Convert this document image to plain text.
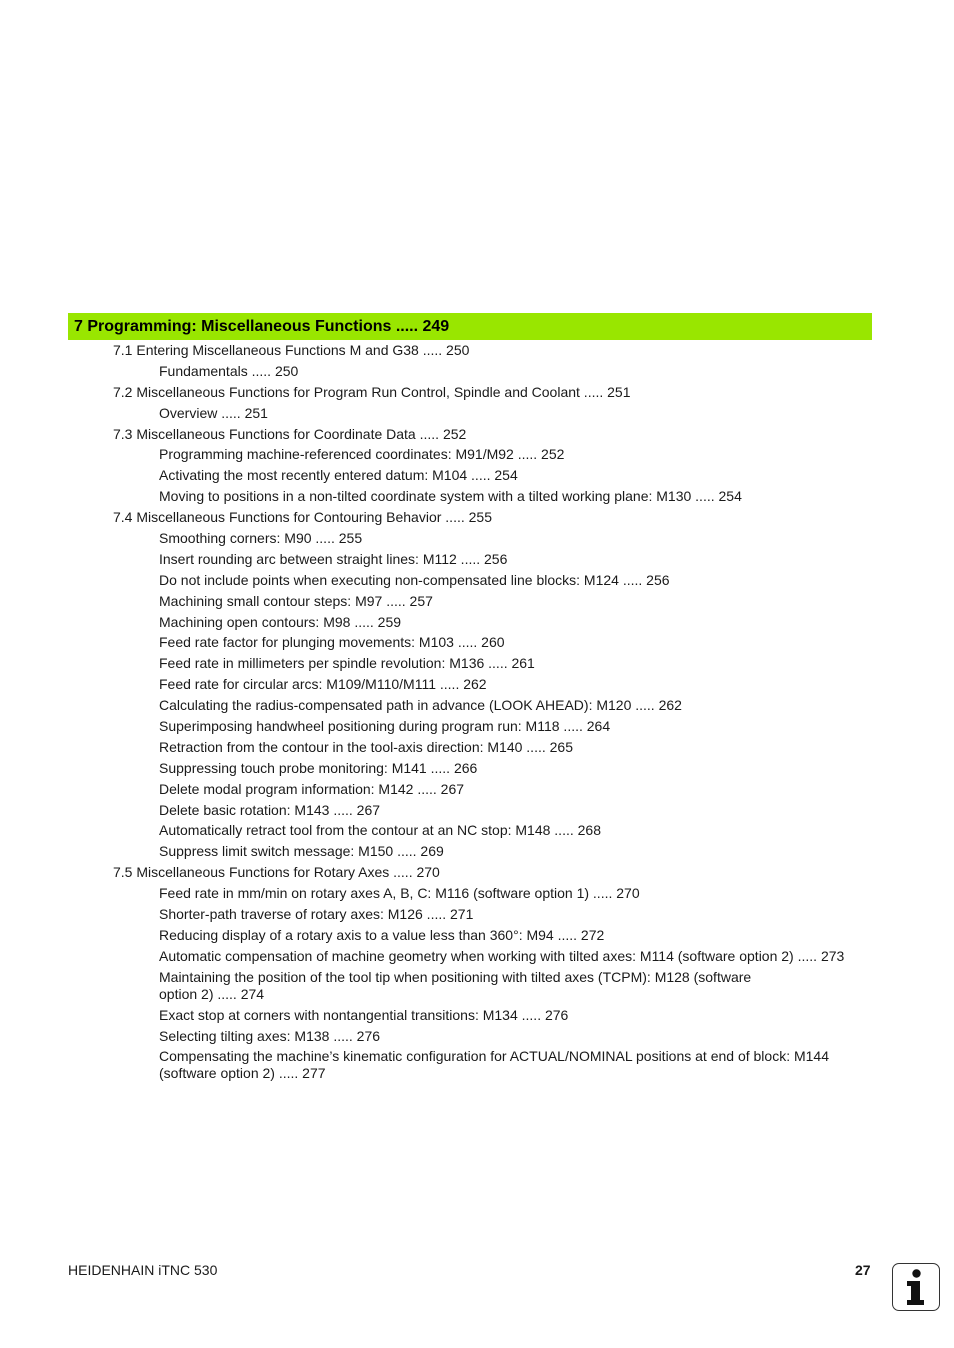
7 Programming: Miscellaneous Functions ..... 249
7.1 Entering Miscellaneous Functions M and G38 ..... 250
Fundamentals ..... 250
7.2 Miscellaneous Functions for Program Run Control, Spindle and Coolant ..... 251
Overview ..... 251
7.3 Miscellaneous Functions for Coordinate Data ..... 252
Programming machine-referenced coordinates: M91/M92 ..... 252
Activating the most recently entered datum: M104 ..... 254
Moving to positions in a non-tilted coordinate system with a tilted working plane: M130 ..... 254
7.4 Miscellaneous Functions for Contouring Behavior ..... 255
Smoothing corners: M90 ..... 255
Insert rounding arc between straight lines: M112 ..... 256
Do not include points when executing non-compensated line blocks: M124 ..... 256
Machining small contour steps: M97 ..... 257
Machining open contours: M98 ..... 259
Feed rate factor for plunging movements: M103 ..... 260
Feed rate in millimeters per spindle revolution: M136 ..... 261
Feed rate for circular arcs: M109/M110/M111 ..... 262
Calculating the radius-compensated path in advance (LOOK AHEAD): M120 ..... 262
Superimposing handwheel positioning during program run: M118 ..... 264
Retraction from the contour in the tool-axis direction: M140 ..... 265
Suppressing touch probe monitoring: M141 ..... 266
Delete modal program information: M142 ..... 267
Delete basic rotation: M143 ..... 267
Automatically retract tool from the contour at an NC stop: M148 ..... 268
Suppress limit switch message: M150 ..... 269
7.5 Miscellaneous Functions for Rotary Axes ..... 270
Feed rate in mm/min on rotary axes A, B, C: M116 (software option 1) ..... 270
Shorter-path traverse of rotary axes: M126 ..... 271
Reducing display of a rotary axis to a value less than 360°: M94 ..... 272
Automatic compensation of machine geometry when working with tilted axes: M114 (software option 2) ..... 273
Maintaining the position of the tool tip when positioning with tilted axes (TCPM): M128 (software option 2) ..... 274
Exact stop at corners with nontangential transitions: M134 ..... 276
Selecting tilting axes: M138 ..... 276
Compensating the machine’s kinematic configuration for ACTUAL/NOMINAL positions at end of block: M144 (software option 2) ..... 277
HEIDENHAIN iTNC 530	27
